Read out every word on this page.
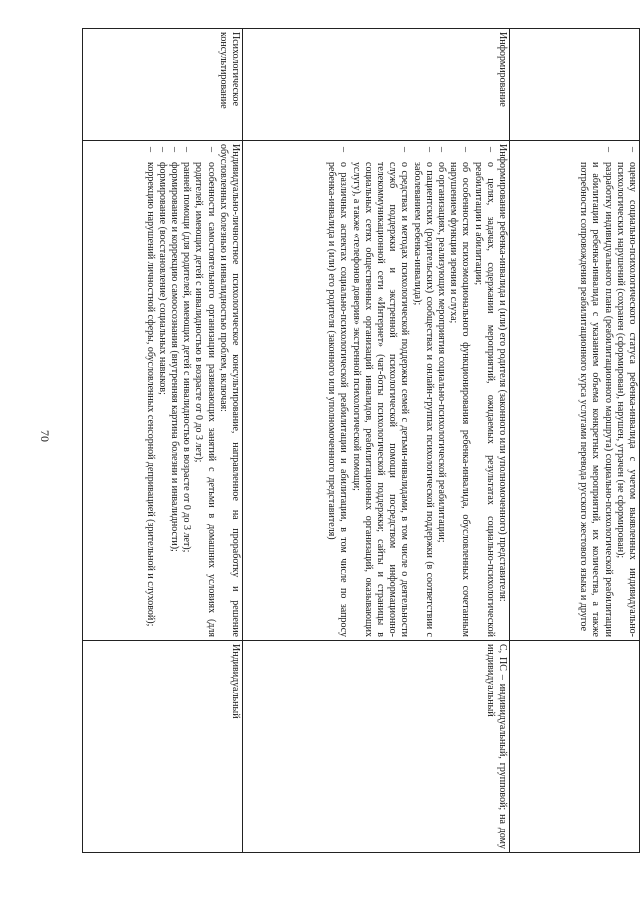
70

–	оценку социально-психологического статуса ребенка-инвалида с учетом выявленных индивидуально-психологических нарушений (сохранен (сформирован), нарушен, утрачен (не сформирован);
– разработку индивидуального плана (реабилитационного маршрута) социально-психологической реабилитации и абилитации ребенка-инвалида с указанием объема конкретных мероприятий, их количества, а также потребности сопровождения реабилитационного курса услугами перевода русского жестового языка и другое

Информирование	

Информирование ребенка-инвалида и (или) его родителя (законного или уполномоченного) представителя:

– о целях, задачах, содержании мероприятий, ожидаемых результатах социально-психологической реабилитации и абилитации;
– об особенностях психоэмоционального функционирования ребенка-инвалида, обусловленных сочетанным нарушением функции зрения и слуха;
– об организациях, реализующих мероприятия социально-психологической реабилитации;
– о пациентских (родительских) сообществах и онлайн-группах психологической поддержки (в соответствии с заболеванием ребенка-инвалида);
– о средствах и методах психологической поддержки семей с детьми-инвалидами, в том числе о деятельности служб поддержки и экстренной психологической помощи посредством информационно-телекоммуникационной сети «Интернет» (чат-боты психологической поддержки; сайты и страницы в социальных сетях общественных организаций инвалидов, реабилитационных организаций, оказывающих услугу), а также «телефонов доверия» экстренной психологической помощи;
– о различных аспектах социально-психологической реабилитации и абилитации, в том числе по запросу ребенка-инвалида и (или) его родителя (законного или уполномоченного представителя)
	С, ПС – индивидуальный, групповой; на дому индивидуальный
Психологическое консультирование	

Индивидуально-личностное психологическое консультирование, направленное на проработку и решение обусловленных болезнью и инвалидностью проблем, включая:

– особенности самостоятельного организации развивающих занятий с детьми в домашних условиях (для родителей, имеющих детей с инвалидностью в возрасте от 0 до 3 лет);
– ранней помощи (для родителей, имеющих детей с инвалидностью в возрасте от 0 до 3 лет);
– формирование и коррекцию самоосознания (внутренняя картина болезни и инвалидности);
– формирование (восстановление) социальных навыков;
– коррекцию нарушений личностной сферы, обусловленных сенсорной депривацией (зрительной и слуховой);
	Индивидуальный
